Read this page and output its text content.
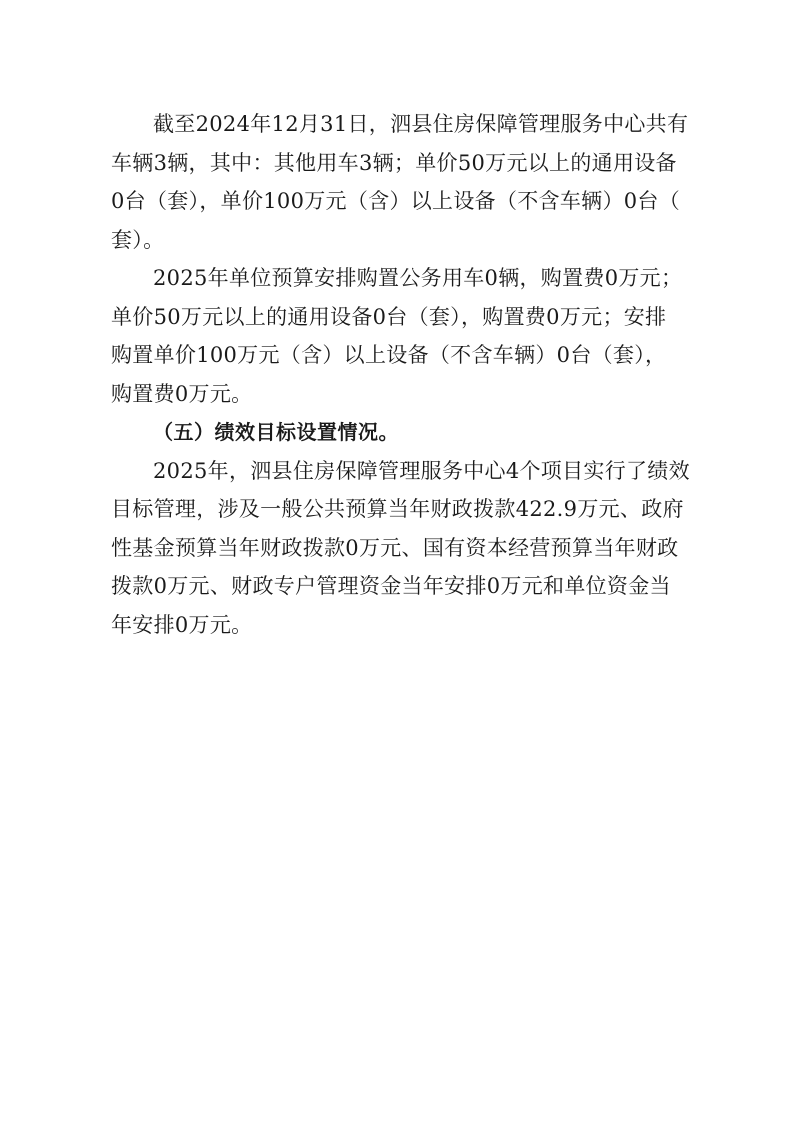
截至2024年12月31日，泗县住房保障管理服务中心共有
车辆3辆，其中：其他用车3辆；单价50万元以上的通用设备
0台（套），单价100万元（含）以上设备（不含车辆）0台（
套）。
2025年单位预算安排购置公务用车0辆，购置费0万元；
单价50万元以上的通用设备0台（套），购置费0万元；安排
购置单价100万元（含）以上设备（不含车辆）0台（套），
购置费0万元。
（五）绩效目标设置情况。
2025年，泗县住房保障管理服务中心4个项目实行了绩效
目标管理，涉及一般公共预算当年财政拨款422.9万元、政府
性基金预算当年财政拨款0万元、国有资本经营预算当年财政
拨款0万元、财政专户管理资金当年安排0万元和单位资金当
年安排0万元。
